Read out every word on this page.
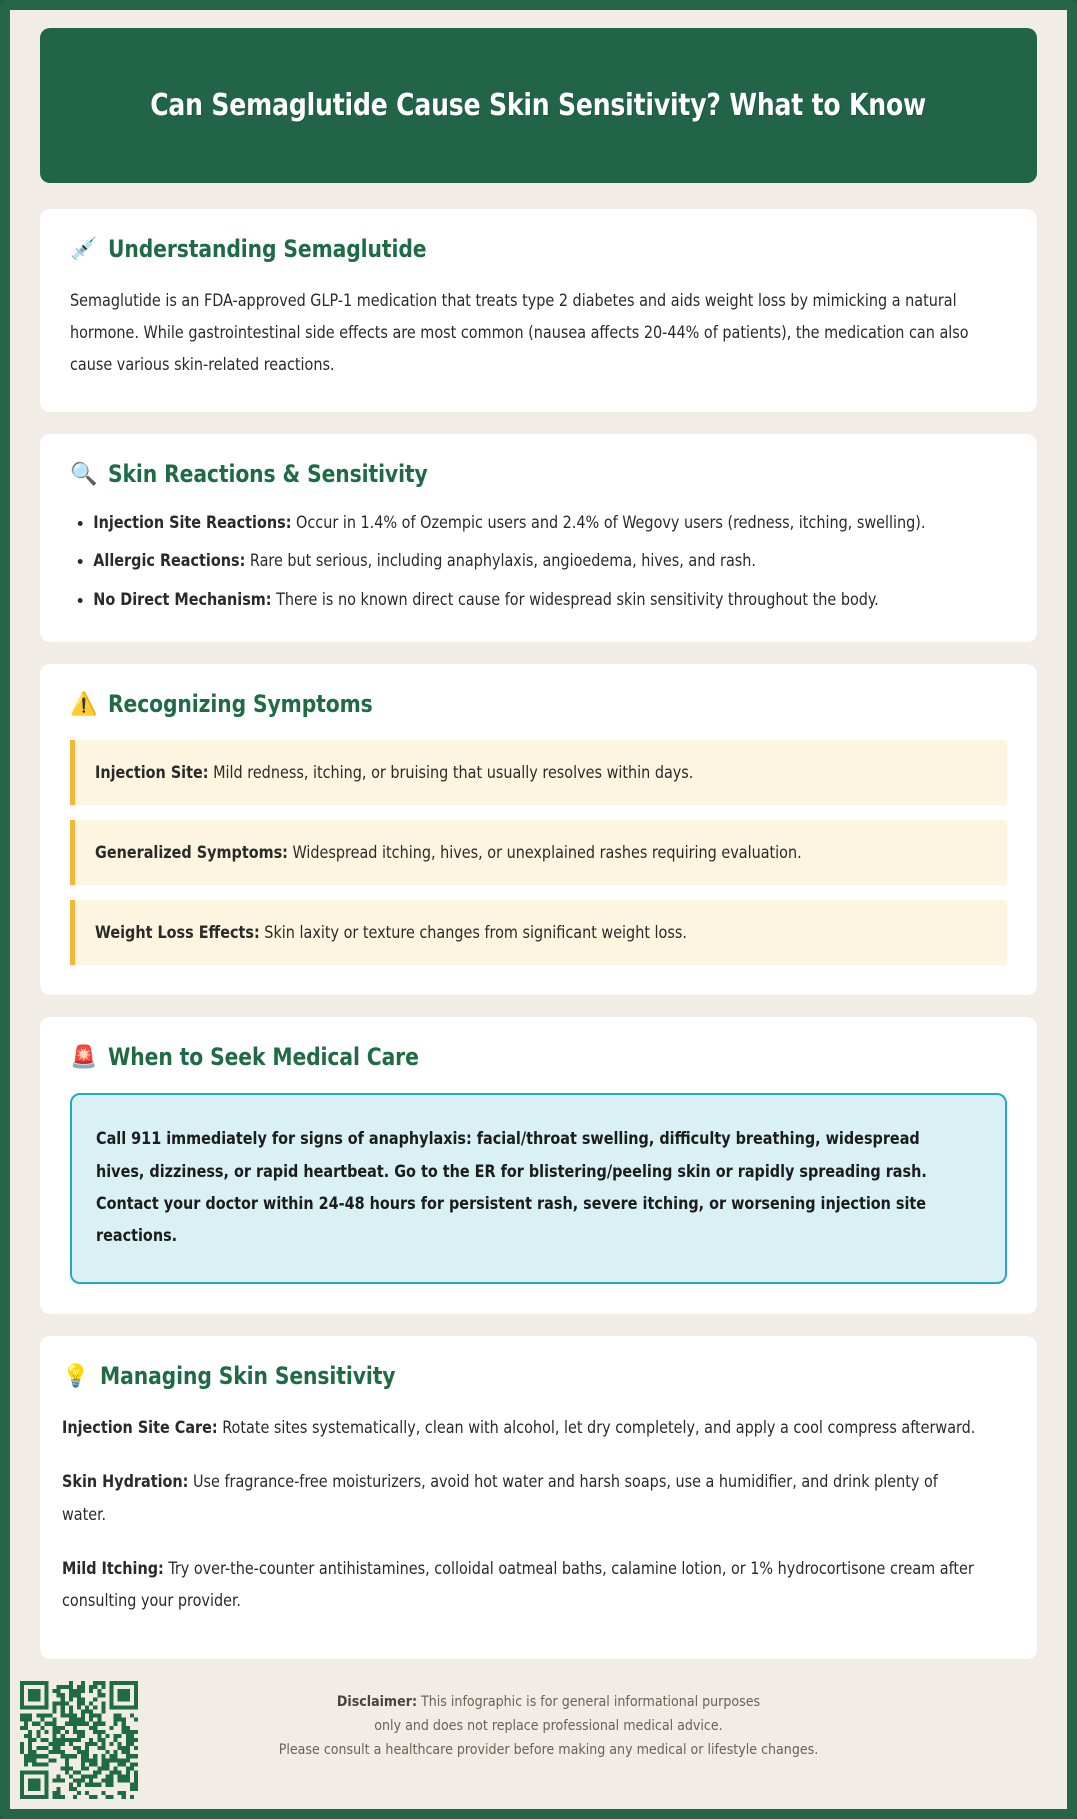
Can Semaglutide Cause Skin Sensitivity? What to Know
💉 Understanding Semaglutide
Semaglutide is an FDA-approved GLP-1 medication that treats type 2 diabetes and aids weight loss by mimicking a natural hormone. While gastrointestinal side effects are most common (nausea affects 20-44% of patients), the medication can also cause various skin-related reactions.
🔍 Skin Reactions & Sensitivity
Injection Site Reactions: Occur in 1.4% of Ozempic users and 2.4% of Wegovy users (redness, itching, swelling).
Allergic Reactions: Rare but serious, including anaphylaxis, angioedema, hives, and rash.
No Direct Mechanism: There is no known direct cause for widespread skin sensitivity throughout the body.
⚠️ Recognizing Symptoms
Injection Site: Mild redness, itching, or bruising that usually resolves within days.
Generalized Symptoms: Widespread itching, hives, or unexplained rashes requiring evaluation.
Weight Loss Effects: Skin laxity or texture changes from significant weight loss.
🚨 When to Seek Medical Care
Call 911 immediately for signs of anaphylaxis: facial/throat swelling, difficulty breathing, widespread hives, dizziness, or rapid heartbeat. Go to the ER for blistering/peeling skin or rapidly spreading rash. Contact your doctor within 24-48 hours for persistent rash, severe itching, or worsening injection site reactions.
💡 Managing Skin Sensitivity
Injection Site Care: Rotate sites systematically, clean with alcohol, let dry completely, and apply a cool compress afterward.
Skin Hydration: Use fragrance-free moisturizers, avoid hot water and harsh soaps, use a humidifier, and drink plenty of water.
Mild Itching: Try over-the-counter antihistamines, colloidal oatmeal baths, calamine lotion, or 1% hydrocortisone cream after consulting your provider.
Disclaimer: This infographic is for general informational purposes
only and does not replace professional medical advice.
Please consult a healthcare provider before making any medical or lifestyle changes.
